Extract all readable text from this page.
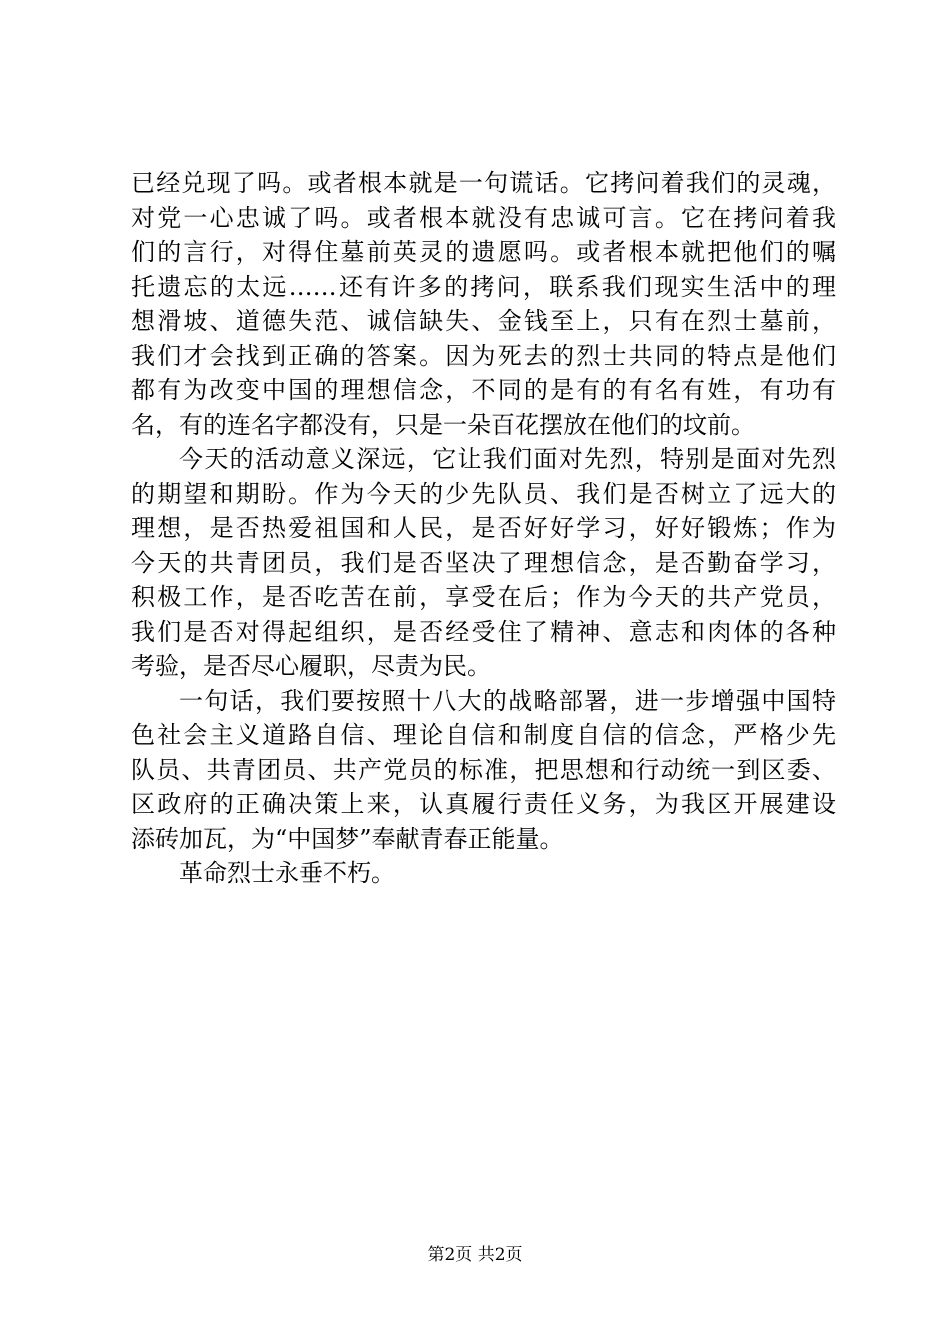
已经兑现了吗。或者根本就是一句谎话。它拷问着我们的灵魂，
对党一心忠诚了吗。或者根本就没有忠诚可言。它在拷问着我
们的言行，对得住墓前英灵的遗愿吗。或者根本就把他们的嘱
托遗忘的太远……还有许多的拷问，联系我们现实生活中的理
想滑坡、道德失范、诚信缺失、金钱至上，只有在烈士墓前，
我们才会找到正确的答案。因为死去的烈士共同的特点是他们
都有为改变中国的理想信念，不同的是有的有名有姓，有功有
名，有的连名字都没有，只是一朵百花摆放在他们的坟前。
今天的活动意义深远，它让我们面对先烈，特别是面对先烈
的期望和期盼。作为今天的少先队员、我们是否树立了远大的
理想，是否热爱祖国和人民，是否好好学习，好好锻炼；作为
今天的共青团员，我们是否坚决了理想信念，是否勤奋学习，
积极工作，是否吃苦在前，享受在后；作为今天的共产党员，
我们是否对得起组织，是否经受住了精神、意志和肉体的各种
考验，是否尽心履职，尽责为民。
一句话，我们要按照十八大的战略部署，进一步增强中国特
色社会主义道路自信、理论自信和制度自信的信念，严格少先
队员、共青团员、共产党员的标准，把思想和行动统一到区委、
区政府的正确决策上来，认真履行责任义务，为我区开展建设
添砖加瓦，为“中国梦”奉献青春正能量。
革命烈士永垂不朽。
第2页 共2页
